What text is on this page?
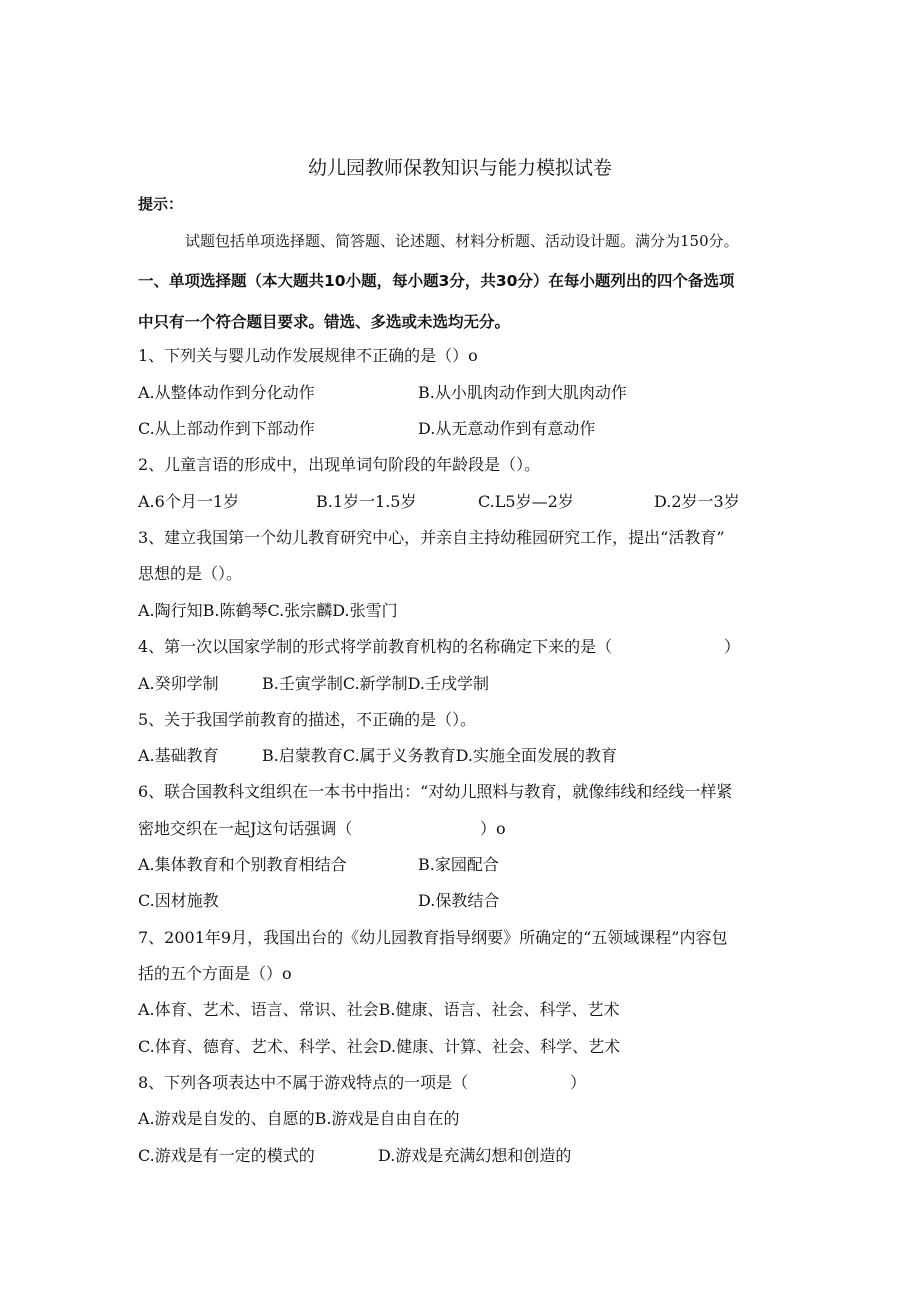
幼儿园教师保教知识与能力模拟试卷
提示：
试题包括单项选择题、简答题、论述题、材料分析题、活动设计题。满分为150分。
一、单项选择题（本大题共10小题，每小题3分，共30分）在每小题列出的四个备选项
中只有一个符合题目要求。错选、多选或未选均无分。
1、下列关与婴儿动作发展规律不正确的是（）o
A.从整体动作到分化动作	B.从小肌肉动作到大肌肉动作
C.从上部动作到下部动作	D.从无意动作到有意动作
2、儿童言语的形成中，出现单词句阶段的年龄段是（）。
A.6个月一1岁	B.1岁一1.5岁	C.L5岁—2岁	D.2岁一3岁
3、建立我国第一个幼儿教育研究中心，并亲自主持幼稚园研究工作，提出“活教育”
思想的是（）。
A.陶行知B.陈鹤琴C.张宗麟D.张雪门
4、第一次以国家学制的形式将学前教育机构的名称确定下来的是（	）
A.癸卯学制	B.壬寅学制C.新学制D.壬戌学制
5、关于我国学前教育的描述，不正确的是（）。
A.基础教育	B.启蒙教育C.属于义务教育D.实施全面发展的教育
6、联合国教科文组织在一本书中指出：“对幼儿照料与教育，就像纬线和经线一样紧
密地交织在一起J这句话强调（	）o
A.集体教育和个别教育相结合	B.家园配合
C.因材施教	D.保教结合
7、2001年9月，我国出台的《幼儿园教育指导纲要》所确定的“五领域课程”内容包
括的五个方面是（）o
A.体育、艺术、语言、常识、社会B.健康、语言、社会、科学、艺术
C.体育、德育、艺术、科学、社会D.健康、计算、社会、科学、艺术
8、下列各项表达中不属于游戏特点的一项是（	）
A.游戏是自发的、自愿的B.游戏是自由自在的
C.游戏是有一定的模式的	D.游戏是充满幻想和创造的
